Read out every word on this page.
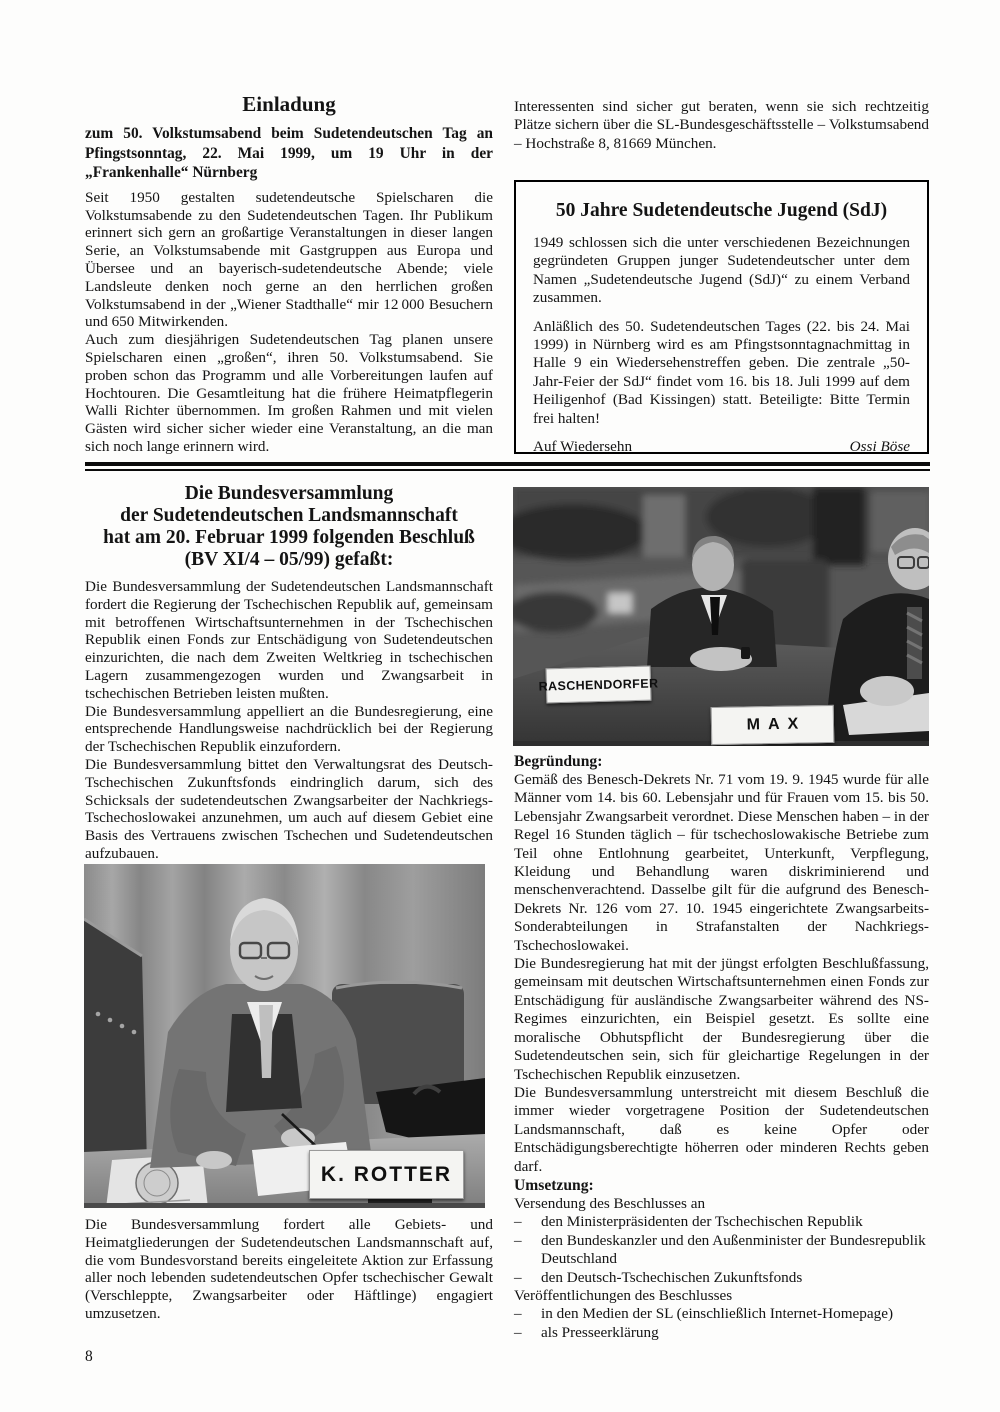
Einladung
zum 50. Volkstumsabend beim Sudetendeutschen Tag an Pfingstsonntag, 22. Mai 1999, um 19 Uhr in der „Frankenhalle“ Nürnberg

Seit 1950 gestalten sudetendeutsche Spielscharen die Volkstumsabende zu den Sudetendeutschen Tagen. Ihr Publikum erinnert sich gern an großartige Veranstaltungen in dieser langen Serie, an Volkstumsabende mit Gastgruppen aus Europa und Übersee und an bayerisch-sudetendeutsche Abende; viele Landsleute denken noch gerne an den herrlichen großen Volkstumsabend in der „Wiener Stadthalle“ mir 12 000 Besuchern und 650 Mitwirkenden.

Auch zum diesjährigen Sudetendeutschen Tag planen unsere Spielscharen einen „großen“, ihren 50. Volkstumsabend. Sie proben schon das Programm und alle Vorbereitungen laufen auf Hochtouren. Die Gesamtleitung hat die frühere Heimatpflegerin Walli Richter übernommen. Im großen Rahmen und mit vielen Gästen wird sicher sicher wieder eine Veranstaltung, an die man sich noch lange erinnern wird.

Interessenten sind sicher gut beraten, wenn sie sich rechtzeitig Plätze sichern über die SL-Bundesgeschäftsstelle – Volkstumsabend – Hochstraße 8, 81669 München.

50 Jahre Sudetendeutsche Jugend (SdJ)

1949 schlossen sich die unter verschiedenen Bezeichnungen gegründeten Gruppen junger Sudetendeutscher unter dem Namen „Sudetendeutsche Jugend (SdJ)“ zu einem Verband zusammen.

Anläßlich des 50. Sudetendeutschen Tages (22. bis 24. Mai 1999) in Nürnberg wird es am Pfingstsonntagnachmittag in Halle 9 ein Wiedersehenstreffen geben. Die zentrale „50-Jahr-Feier der SdJ“ findet vom 16. bis 18. Juli 1999 auf dem Heiligenhof (Bad Kissingen) statt. Beteiligte: Bitte Termin frei halten!

Auf Wiedersehn	Ossi Böse
Die Bundesversammlung
der Sudetendeutschen Landsmannschaft
hat am 20. Februar 1999 folgenden Beschluß
(BV XI/4 – 05/99) gefaßt:

Die Bundesversammlung der Sudetendeutschen Landsmannschaft fordert die Regierung der Tschechischen Republik auf, gemeinsam mit betroffenen Wirtschaftsunternehmen in der Tschechischen Republik einen Fonds zur Entschädigung von Sudetendeutschen einzurichten, die nach dem Zweiten Weltkrieg in tschechischen Lagern zusammengezogen wurden und Zwangsarbeit in tschechischen Betrieben leisten mußten.

Die Bundesversammlung appelliert an die Bundesregierung, eine entsprechende Handlungsweise nachdrücklich bei der Regierung der Tschechischen Republik einzufordern.

Die Bundesversammlung bittet den Verwaltungsrat des Deutsch-Tschechischen Zukunftsfonds eindringlich darum, sich des Schicksals der sudetendeutschen Zwangsarbeiter der Nachkriegs-Tschechoslowakei anzunehmen, um auch auf diesem Gebiet eine Basis des Vertrauens zwischen Tschechen und Sudetendeutschen aufzubauen.

RASCHENDORFER
MAX
Begründung:

Gemäß des Benesch-Dekrets Nr. 71 vom 19. 9. 1945 wurde für alle Männer vom 14. bis 60. Lebensjahr und für Frauen vom 15. bis 50. Lebensjahr Zwangsarbeit verordnet. Diese Menschen haben – in der Regel 16 Stunden täglich – für tschechoslowakische Betriebe zum Teil ohne Entlohnung gearbeitet, Unterkunft, Verpflegung, Kleidung und Behandlung waren diskriminierend und menschenverachtend. Dasselbe gilt für die aufgrund des Benesch-Dekrets Nr. 126 vom 27. 10. 1945 eingerichtete Zwangsarbeits-Sonderabteilungen in Strafanstalten der Nachkriegs-Tschechoslowakei.

Die Bundesregierung hat mit der jüngst erfolgten Beschlußfassung, gemeinsam mit deutschen Wirtschaftsunternehmen einen Fonds zur Entschädigung für ausländische Zwangsarbeiter während des NS-Regimes einzurichten, ein Beispiel gesetzt. Es sollte eine moralische Obhutspflicht der Bundesregierung über die Sudetendeutschen sein, sich für gleichartige Regelungen in der Tschechischen Republik einzusetzen.

Die Bundesversammlung unterstreicht mit diesem Beschluß die immer wieder vorgetragene Position der Sudetendeutschen Landsmannschaft, daß es keine Opfer oder Entschädigungsberechtigte höherren oder minderen Rechts geben darf.

Umsetzung:

Versendung des Beschlusses an

–	den Ministerpräsidenten der Tschechischen Republik
–	den Bundeskanzler und den Außenminister der Bundesrepublik Deutschland
–	den Deutsch-Tschechischen Zukunftsfonds

Veröffentlichungen des Beschlusses

–	in den Medien der SL (einschließlich Internet-Homepage)
–	als Presseerklärung
K. ROTTER

Die Bundesversammlung fordert alle Gebiets- und Heimatgliederungen der Sudetendeutschen Landsmannschaft auf, die vom Bundesvorstand bereits eingeleitete Aktion zur Erfassung aller noch lebenden sudetendeutschen Opfer tschechischer Gewalt (Verschleppte, Zwangsarbeiter oder Häftlinge) engagiert umzusetzen.

8
